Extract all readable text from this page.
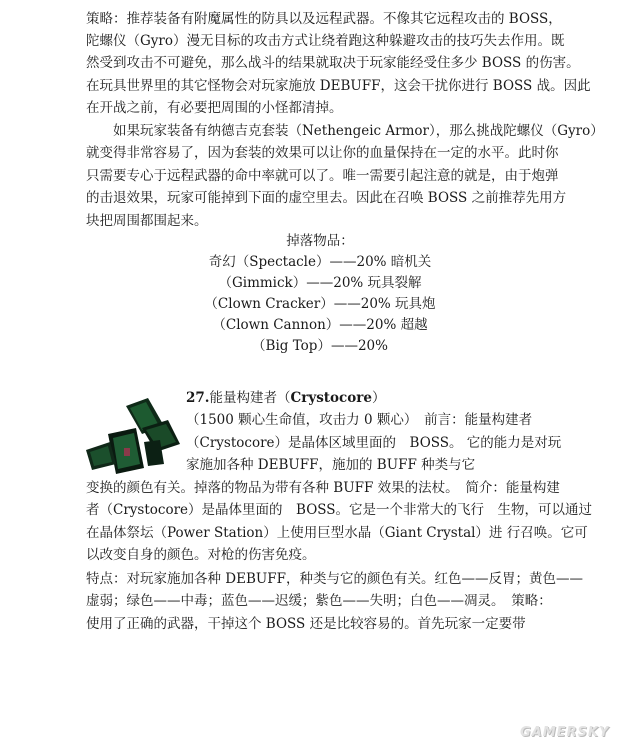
策略：推荐装备有附魔属性的防具以及远程武器。不像其它远程攻击的 BOSS，
陀螺仪（Gyro）漫无目标的攻击方式让绕着跑这种躲避攻击的技巧失去作用。既
然受到攻击不可避免，那么战斗的结果就取决于玩家能经受住多少 BOSS 的伤害。
在玩具世界里的其它怪物会对玩家施放 DEBUFF，这会干扰你进行 BOSS 战。因此
在开战之前，有必要把周围的小怪都清掉。
　　如果玩家装备有纳德吉克套装（Nethengeic Armor），那么挑战陀螺仪（Gyro）
就变得非常容易了，因为套装的效果可以让你的血量保持在一定的水平。此时你
只需要专心于远程武器的命中率就可以了。唯一需要引起注意的就是，由于炮弹
的击退效果，玩家可能掉到下面的虚空里去。因此在召唤 BOSS 之前推荐先用方
块把周围都围起来。
掉落物品：
奇幻（Spectacle）——20% 暗机关
（Gimmick）——20% 玩具裂解
（Clown Cracker）——20% 玩具炮
（Clown Cannon）——20% 超越
（Big Top）——20%
27.能量构建者（Crystocore）
（1500 颗心生命值，攻击力 0 颗心）　前言：能量构建者
（Crystocore）是晶体区域里面的　BOSS。 它的能力是对玩
家施加各种 DEBUFF，施加的 BUFF 种类与它
变换的颜色有关。掉落的物品为带有各种 BUFF 效果的法杖。　简介：能量构建
者（Crystocore）是晶体里面的　BOSS。它是一个非常大的飞行　生物，可以通过
在晶体祭坛（Power Station）上使用巨型水晶（Giant Crystal）进 行召唤。它可
以改变自身的颜色。对枪的伤害免疫。
特点：对玩家施加各种 DEBUFF，种类与它的颜色有关。红色——反胃；黄色——
虚弱；绿色——中毒；蓝色——迟缓；紫色——失明；白色——凋灵。　策略：
使用了正确的武器，干掉这个 BOSS 还是比较容易的。首先玩家一定要带
GAMERSKY
